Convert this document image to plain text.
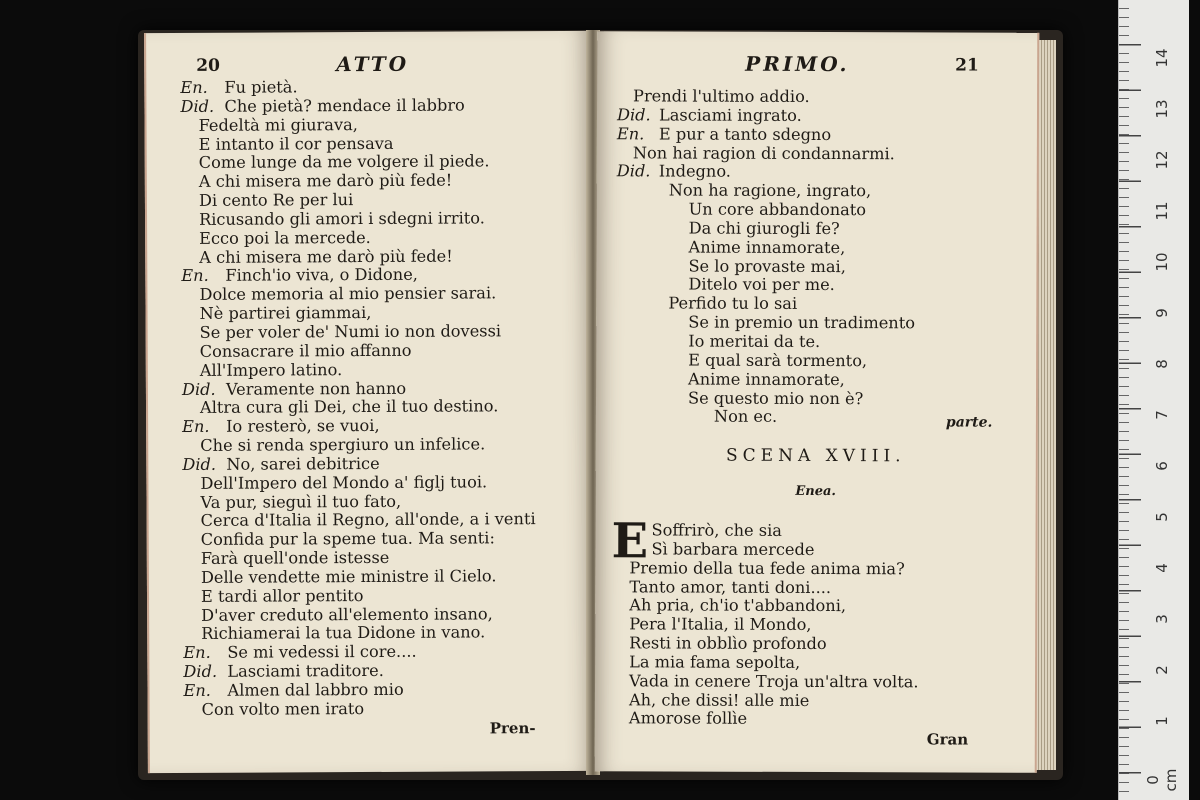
20	ATTO
En. Fu pietà.
Did. Che pietà? mendace il labbro
Fedeltà mi giurava,
E intanto il cor pensava
Come lunge da me volgere il piede.
A chi misera me darò più fede!
Di cento Re per lui
Ricusando gli amori i sdegni irrito.
Ecco poi la mercede.
A chi misera me darò più fede!
En. Finch'io viva, o Didone,
Dolce memoria al mio pensier sarai.
Nè partirei giammai,
Se per voler de' Numi io non dovessi
Consacrare il mio affanno
All'Impero latino.
Did. Veramente non hanno
Altra cura gli Dei, che il tuo destino.
En. Io resterò, se vuoi,
Che si renda spergiuro un infelice.
Did. No, sarei debitrice
Dell'Impero del Mondo a' figlj tuoi.
Va pur, sieguì il tuo fato,
Cerca d'Italia il Regno, all'onde, a i venti
Confida pur la speme tua. Ma senti:
Farà quell'onde istesse
Delle vendette mie ministre il Cielo.
E tardi allor pentito
D'aver creduto all'elemento insano,
Richiamerai la tua Didone in vano.
En. Se mi vedessi il core....
Did. Lasciami traditore.
En. Almen dal labbro mio
Con volto men irato
Pren-
PRIMO.	21
Prendi l'ultimo addio.
Did. Lasciami ingrato.
En. E pur a tanto sdegno
Non hai ragion di condannarmi.
Did. Indegno.
Non ha ragione, ingrato,
Un core abbandonato
Da chi giurogli fe?
Anime innamorate,
Se lo provaste mai,
Ditelo voi per me.
Perfido tu lo sai
Se in premio un tradimento
Io meritai da te.
E qual sarà tormento,
Anime innamorate,
Se questo mio non è?
Non ec.	parte.
SCENA XVIII.
Enea.
E Soffrirò, che sia
Sì barbara mercede
Premio della tua fede anima mia?
Tanto amor, tanti doni....
Ah pria, ch'io t'abbandoni,
Pera l'Italia, il Mondo,
Resti in obblìo profondo
La mia fama sepolta,
Vada in cenere Troja un'altra volta.
Ah, che dissi! alle mie
Amorose follìe
Gran
0 cm
1
2
3
4
5
6
7
8
9
10
11
12
13
14
